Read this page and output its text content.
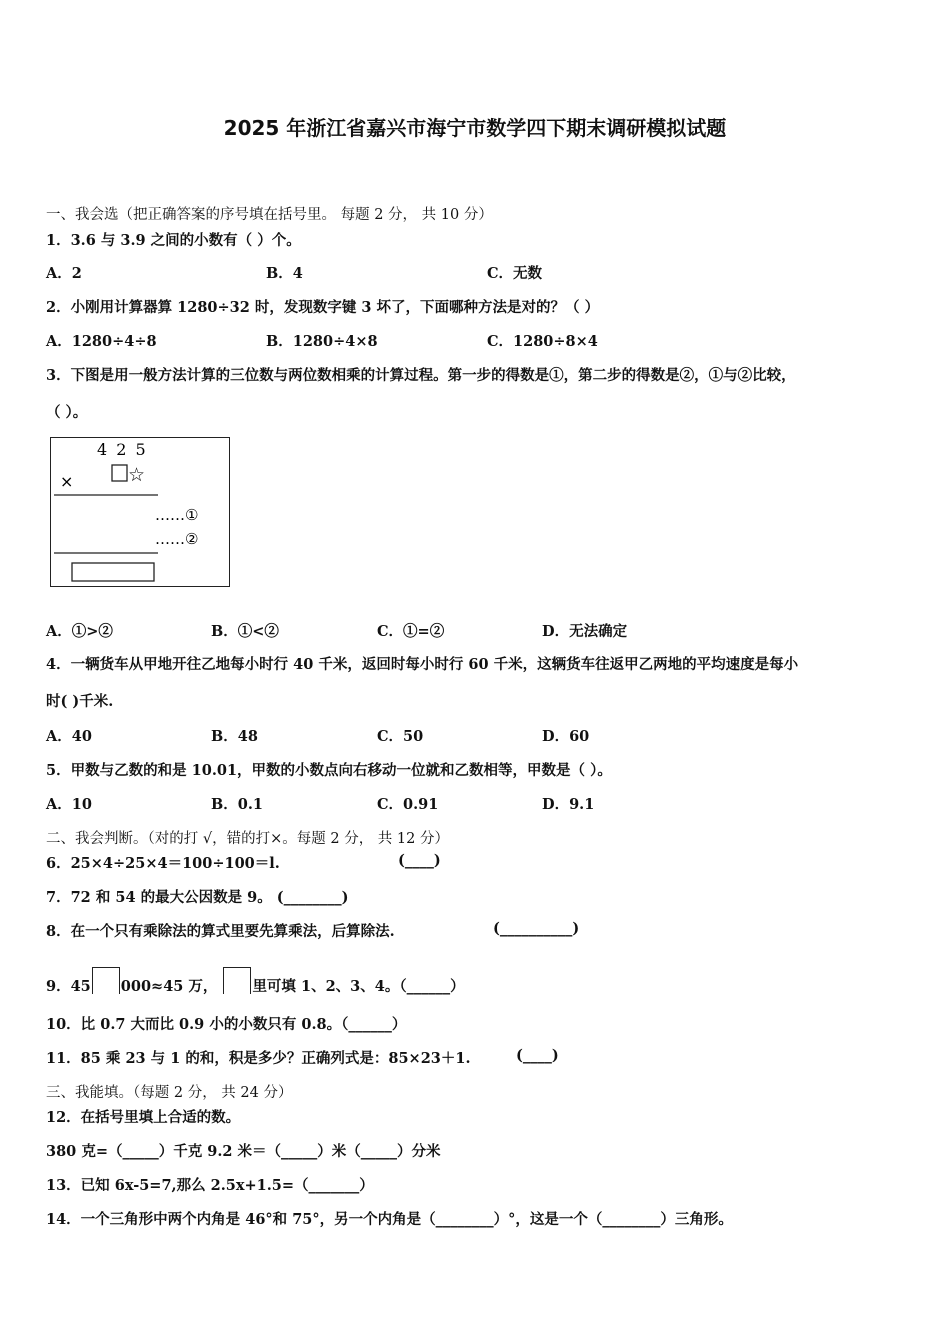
2025 年浙江省嘉兴市海宁市数学四下期末调研模拟试题
一、我会选（把正确答案的序号填在括号里。 每题 2 分， 共 10 分）
1．3.6 与 3.9 之间的小数有（ ）个。
A．2	B．4	C．无数
2．小刚用计算器算 1280÷32 时，发现数字键 3 坏了，下面哪种方法是对的？（ ）
A．1280÷4÷8	B．1280÷4×8	C．1280÷8×4
3．下图是用一般方法计算的三位数与两位数相乘的计算过程。第一步的得数是①，第二步的得数是②，①与②比较，
（ ）。
4 2 5
☆
×
……①
……②
A．①>②	B．①<②	C．①=②	D．无法确定
4．一辆货车从甲地开往乙地每小时行 40 千米，返回时每小时行 60 千米，这辆货车往返甲乙两地的平均速度是每小
时( )千米.
A．40	B．48	C．50	D．60
5．甲数与乙数的和是 10.01，甲数的小数点向右移动一位就和乙数相等，甲数是（ ）。
A．10	B．0.1	C．0.91	D．9.1
二、我会判断。（对的打 √，错的打×。每题 2 分， 共 12 分）
6．25×4÷25×4＝100÷100＝l.	(____)
7．72 和 54 的最大公因数是 9。 (________)
8．在一个只有乘除法的算式里要先算乘法，后算除法.	(__________)
9．45 000≈45 万， 里可填 1、2、3、4。（______）
10．比 0.7 大而比 0.9 小的小数只有 0.8。（______）
11．85 乘 23 与 1 的和，积是多少？正确列式是：85×23＋1.	(____)
三、我能填。（每题 2 分， 共 24 分）
12．在括号里填上合适的数。
380 克=（_____）千克 9.2 米＝（_____）米（_____）分米
13．已知 6x-5=7,那么 2.5x+1.5=（_______）
14．一个三角形中两个内角是 46°和 75°，另一个内角是（________）°，这是一个（________）三角形。
